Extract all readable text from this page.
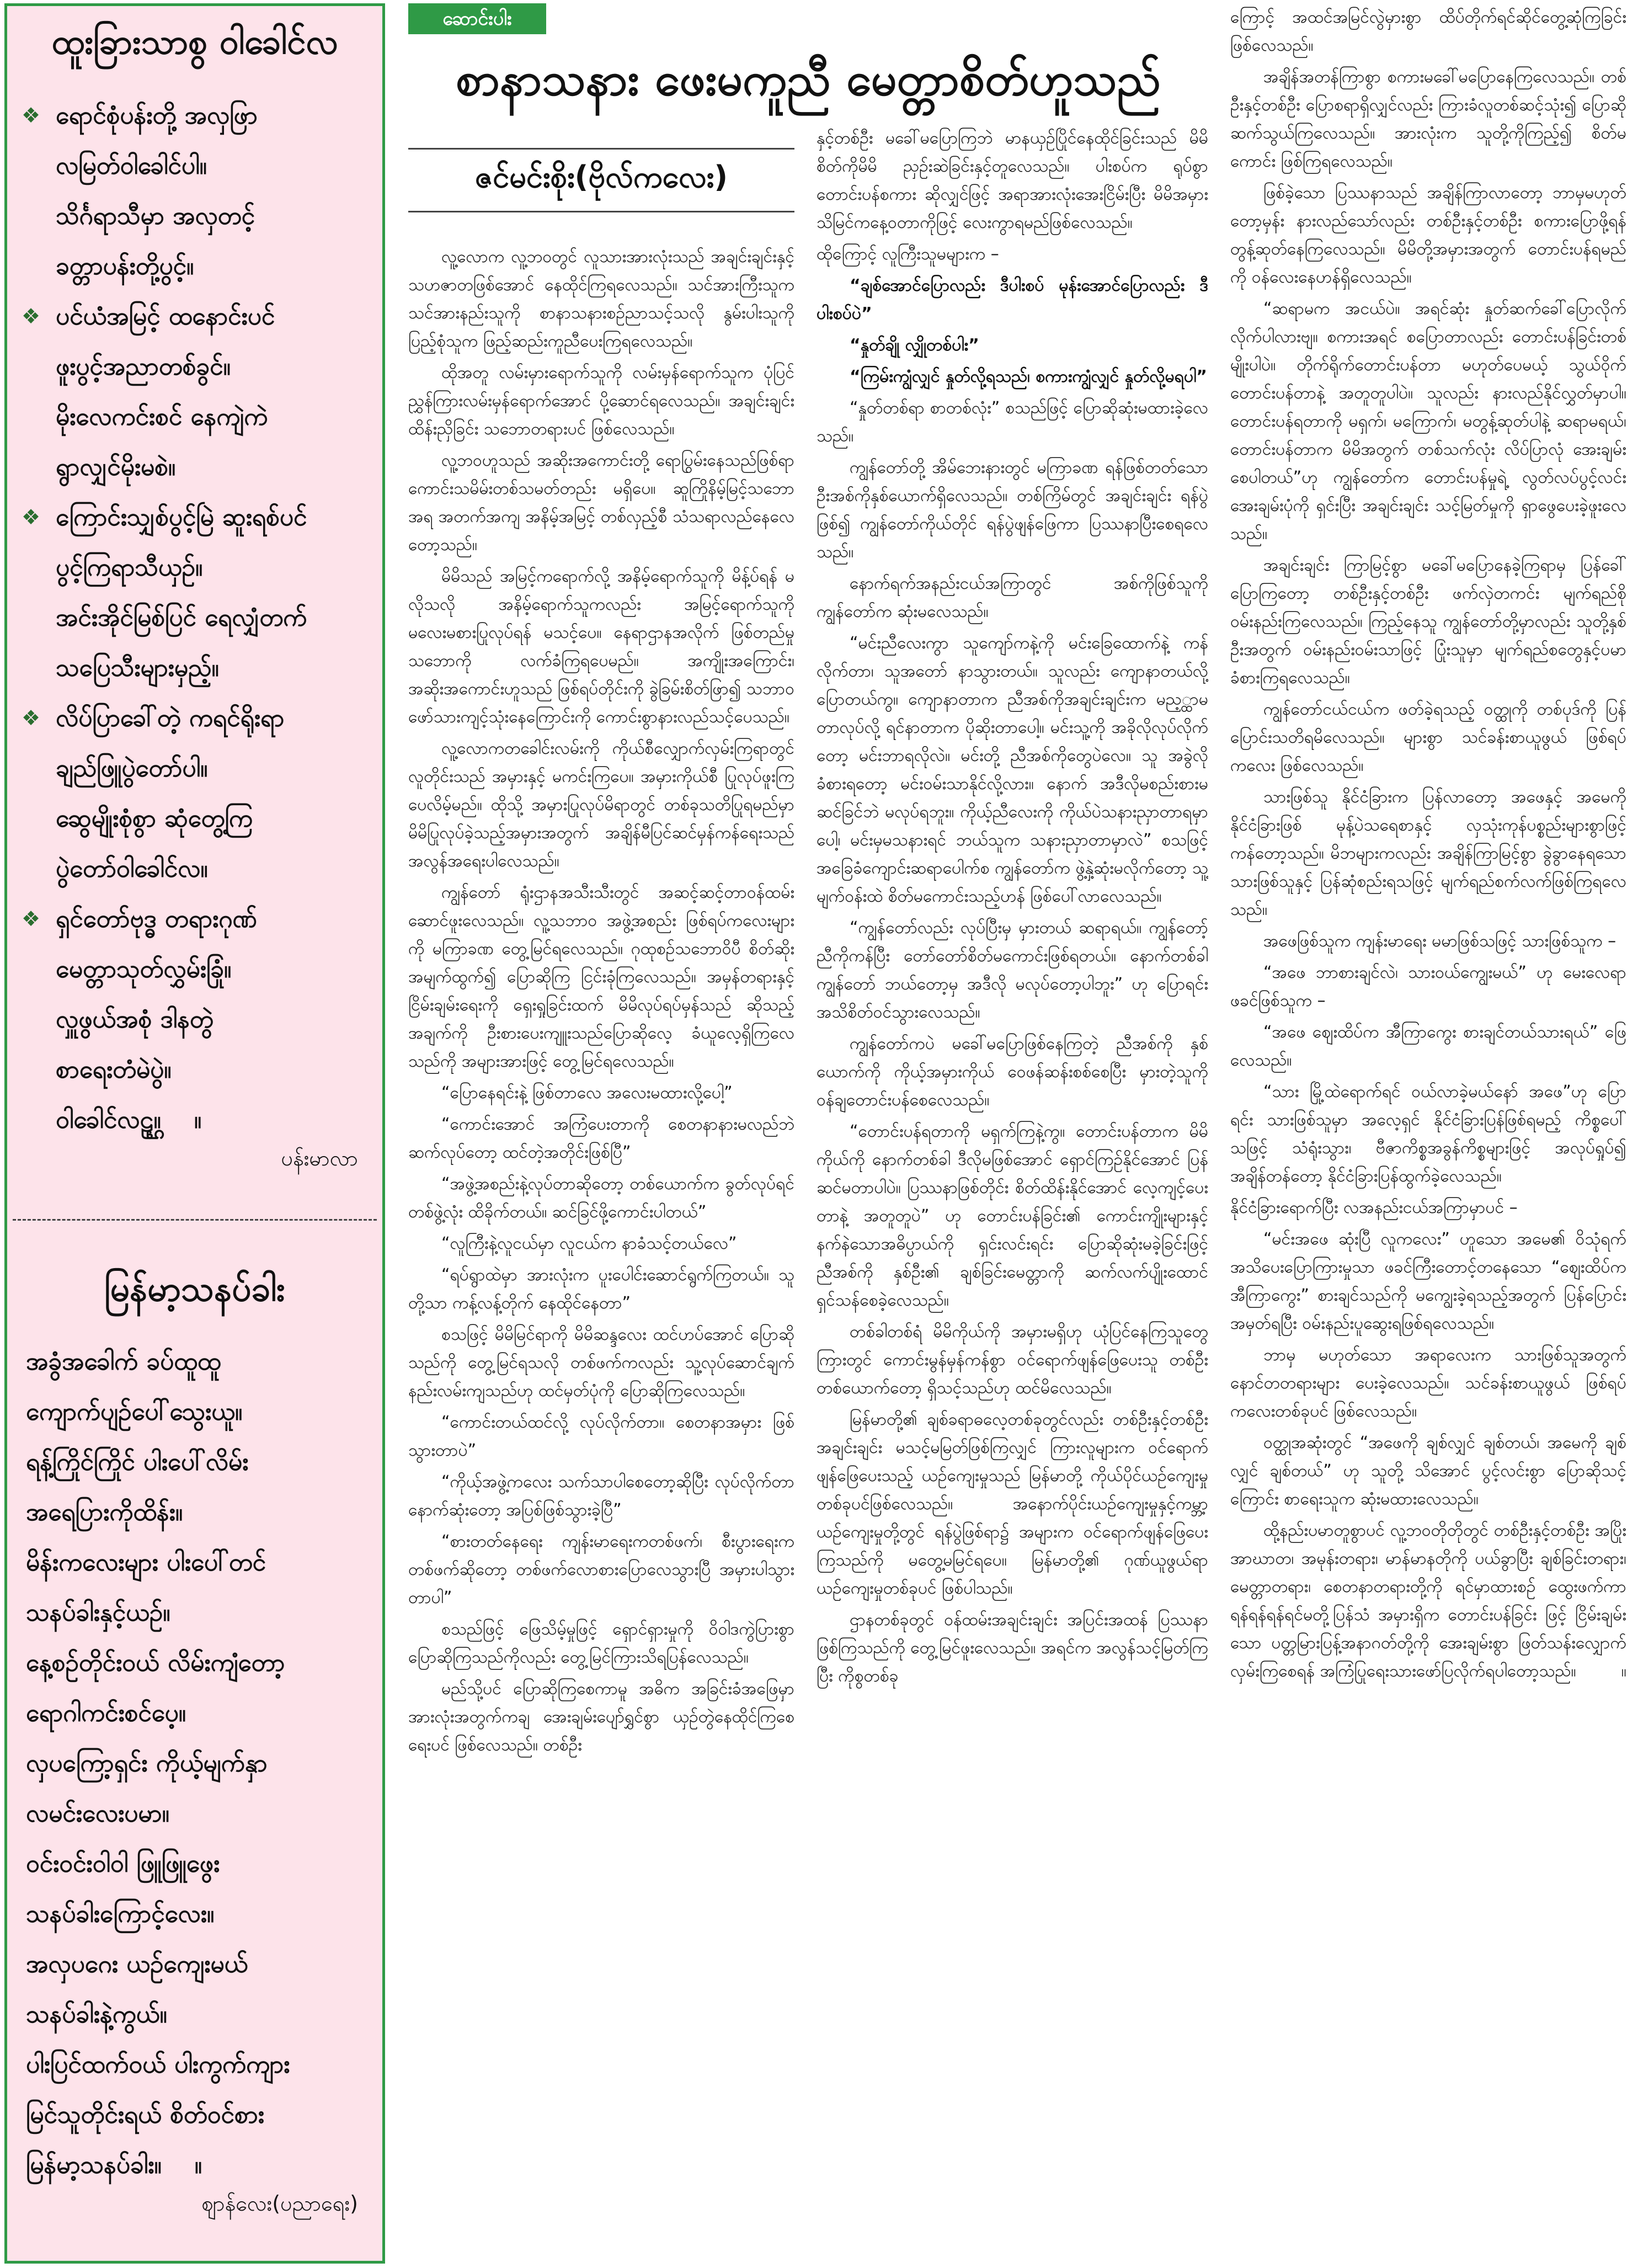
ထူးခြားသာစွ ဝါခေါင်လ
❖ ရောင်စုံပန်းတို့ အလှဖြာ
လမြတ်ဝါခေါင်ပါ။
သိင်္ဂရာသီမှာ အလှတင့်
ခတ္တာပန်းတို့ပွင့်။
❖ ပင်ယံအမြင့် ထနောင်းပင်
ဖူးပွင့်အညာတစ်ခွင်။
မိုးလေကင်းစင် နေကျဲကဲ
ရွာလျှင်မိုးမစဲ။
❖ ကြောင်းသျှစ်ပွင့်မြဲ ဆူးရစ်ပင်
ပွင့်ကြရာသီယှဉ်။
အင်းအိုင်မြစ်ပြင် ရေလျှံတက်
သပြေသီးများမှည့်။
❖ လိပ်ပြာခေါ်တဲ့ ကရင်ရိုးရာ
ချည်ဖြူပွဲတော်ပါ။
ဆွေမျိုးစုံစွာ ဆုံတွေ့ကြ
ပွဲတော်ဝါခေါင်လ။
❖ ရှင်တော်ဗုဒ္ဓ တရားဂုဏ်
မေတ္တာသုတ်လွှမ်းခြုံ။
လှူဖွယ်အစုံ ဒါနတွဲ
စာရေးတံမဲပွဲ။
ဝါခေါင်လဠ္ဌ။ ။
ပန်းမာလာ
မြန်မာ့သနပ်ခါး
အခွံအခေါက် ခပ်ထူထူ
ကျောက်ပျဉ်ပေါ်သွေးယူ။
ရန့်ကြိုင်ကြိုင် ပါးပေါ်လိမ်း
အရေပြားကိုထိန်း။
မိန်းကလေးများ ပါးပေါ်တင်
သနပ်ခါးနှင့်ယဉ်။
နေ့စဉ်တိုင်းဝယ် လိမ်းကျံတော့
ရောဂါကင်းစင်ပေ့။
လှပကြော့ရှင်း ကိုယ့်မျက်နှာ
လမင်းလေးပမာ။
ဝင်းဝင်းဝါဝါ ဖြူဖြူဖွေး
သနပ်ခါးကြောင့်လေး။
အလှပဂေး ယဉ်ကျေးမယ်
သနပ်ခါးနဲ့ကွယ်။
ပါးပြင်ထက်ဝယ် ပါးကွက်ကျား
မြင်သူတိုင်းရယ် စိတ်ဝင်စား
မြန်မာ့သနပ်ခါး။ ။
ဈာန်လေး(ပညာရေး)
ဆောင်းပါး
စာနာသနား ဖေးမကူညီ မေတ္တာစိတ်ဟူသည်
ဇင်မင်းစိုး(ဗိုလ်ကလေး)

လူ့လောက လူ့ဘဝတွင် လူသားအားလုံးသည် အချင်းချင်းနှင့် သဟဇာတဖြစ်အောင် နေထိုင်ကြရလေသည်။ သင်အားကြီးသူက သင်အားနည်းသူကို စာနာသနားစဥ်ညာသင့်သလို နွမ်းပါးသူကို ပြည့်စုံသူက ဖြည့်ဆည်းကူညီပေးကြရလေသည်။

ထိုအတူ လမ်းမှားရောက်သူကို လမ်းမှန်ရောက်သူက ပုံပြင်ညွှန်ကြားလမ်းမှန်ရောက်အောင် ပို့ဆောင်ရလေသည်။ အချင်းချင်းထိန်းညှိခြင်း သဘောတရားပင် ဖြစ်လေသည်။

လူ့ဘဝဟူသည် အဆိုးအကောင်းတို့ ရောပြွမ်းနေသည်ဖြစ်ရာ ကောင်းသမိမ်းတစ်သမတ်တည်း မရှိပေ။ ဆူကြိုနိမ့်မြင့်သဘောအရ အတက်အကျ အနိမ့်အမြင့် တစ်လှည့်စီ သံသရာလည်နေလေတော့သည်။

မိမိသည် အမြင့်ကရောက်လို့ အနိမ့်ရောက်သူကို မိန့်ပ်ရန် မလိုသလို အနိမ့်ရောက်သူကလည်း အမြင့်ရောက်သူကို မလေးမစားပြုလုပ်ရန် မသင့်ပေ။ နေရာဌာနအလိုက် ဖြစ်တည်မှုသဘောကို လက်ခံကြရပေမည်။ အကျိုးအကြောင်း၊ အဆိုးအကောင်းဟူသည် ဖြစ်ရပ်တိုင်းကို ခွဲခြမ်းစိတ်ဖြာ၍ သဘာဝဖော်သားကျင့်သုံးနေကြောင်းကို ကောင်းစွာနားလည်သင့်ပေသည်။

လူ့လောကတခေါင်းလမ်းကို ကိုယ်စီလျှောက်လှမ်းကြရာတွင် လူတိုင်းသည် အမှားနှင့် မကင်းကြပေ။ အမှားကိုယ်စီ ပြုလုပ်ဖူးကြပေလိမ့်မည်။ ထိုသို့ အမှားပြုလုပ်မိရာတွင် တစ်ခုသတိပြုရမည်မှာ မိမိပြုလုပ်ခဲ့သည့်အမှားအတွက် အချိန်မီပြင်ဆင်မှန်ကန်ရေးသည် အလွန်အရေးပါလေသည်။

ကျွန်တော် ရုံးဌာနအသီးသီးတွင် အဆင့်ဆင့်တာဝန်ထမ်းဆောင်ဖူးလေသည်။ လူ့သဘာဝ အဖွဲ့အစည်း ဖြစ်ရပ်ကလေးများကို မကြာခဏ တွေ့မြင်ရလေသည်။ ဂုထုစဉ်သဘောဝိပီ စိတ်ဆိုးအမျက်ထွက်၍ ပြောဆိုကြ ငြင်းခုံကြလေသည်။ အမှန်တရားနှင့် ငြိမ်းချမ်းရေးကို ရှေးရှုခြင်းထက် မိမိလုပ်ရပ်မှန်သည် ဆိုသည့် အချက်ကို ဦးစားပေးကျူးသည်ပြောဆိုလေ့ ခံယူလေ့ရှိကြလေသည်ကို အများအားဖြင့် တွေ့မြင်ရလေသည်။

“ပြောနေရင်းနဲ့ ဖြစ်တာလေ အလေးမထားလို့ပေါ့”

“ကောင်းအောင် အကြံပေးတာကို စေတနာနားမလည်ဘဲ ဆက်လုပ်တော့ ထင်တဲ့အတိုင်းဖြစ်ပြီ”

“အဖွဲ့အစည်းနဲ့လုပ်တာဆိုတော့ တစ်ယောက်က ခွတ်လုပ်ရင် တစ်ဖွဲ့လုံး ထိခိုက်တယ်။ ဆင်ခြင်ဖို့ကောင်းပါတယ်”

“လူကြီးနဲ့လူငယ်မှာ လူငယ်က နာခံသင့်တယ်လေ”

“ရပ်ရွာထဲမှာ အားလုံးက ပူးပေါင်းဆောင်ရွက်ကြတယ်။ သူတို့သာ ကန့်လန့်တိုက် နေထိုင်နေတာ”

စသဖြင့် မိမိမြင်ရာကို မိမိဆန္ဒလေး ထင်ဟပ်အောင် ပြောဆိုသည်ကို တွေ့မြင်ရသလို တစ်ဖက်ကလည်း သူ့လုပ်ဆောင်ချက် နည်းလမ်းကျသည်ဟု ထင်မှတ်ပုံကို ပြောဆိုကြလေသည်။

“ကောင်းတယ်ထင်လို့ လုပ်လိုက်တာ။ စေတနာအမှား ဖြစ်သွားတာပဲ”

“ကိုယ့်အဖွဲ့ကလေး သက်သာပါစေတော့ဆိုပြီး လုပ်လိုက်တာ နောက်ဆုံးတော့ အပြစ်ဖြစ်သွားခဲ့ပြီ”

“စားတတ်နေရေး ကျန်းမာရေးကတစ်ဖက်၊ စီးပွားရေးက တစ်ဖက်ဆိုတော့ တစ်ဖက်လောစားပြောလေသွားပြီ အမှားပါသွားတာပါ”

စသည်ဖြင့် ဖြေသိမ့်မှုဖြင့် ရှောင်ရှားမှုကို ဝိဝါဒကွဲပြားစွာ ပြောဆိုကြသည်ကိုလည်း တွေ့မြင်ကြားသိရပြန်လေသည်။

မည်သို့ပင် ပြောဆိုကြစေကာမူ အဓိက အခြင်းခံအဖြေမှာ အားလုံးအတွက်ကချ အေးချမ်းပျော်ရွှင်စွာ ယှဉ်တွဲနေထိုင်ကြစေရေးပင် ဖြစ်လေသည်။ တစ်ဦး

နှင့်တစ်ဦး မခေါ်မပြောကြဘဲ မာနယှဉ်ပြိုင်နေထိုင်ခြင်းသည် မိမိစိတ်ကိုမိမိ ညှဉ်းဆဲခြင်းနှင့်တူလေသည်။ ပါးစပ်က ရုပ်စွာ တောင်းပန်စကား ဆိုလျှင်ဖြင့် အရာအားလုံးအေးငြိမ်းပြီး မိမိအမှား သိမြင်ကနေ့ဝတာကိုဖြင့် လေးကွာရမည်ဖြစ်လေသည်။

ထိုကြောင့် လူကြီးသူမများက –

“ချစ်အောင်ပြောလည်း ဒီပါးစပ် မုန်းအောင်ပြောလည်း ဒီပါးစပ်ပဲ”

“နှုတ်ချို လျှိုတစ်ပါး”

“ကြမ်းကျွံလျှင် နှုတ်လို့ရသည်၊ စကားကျွံလျှင် နှုတ်လို့မရပါ”

“နှုတ်တစ်ရာ စာတစ်လုံး” စသည်ဖြင့် ပြောဆိုဆုံးမထားခဲ့လေသည်။

ကျွန်တော်တို့ အိမ်ဘေးနားတွင် မကြာခဏ ရန်ဖြစ်တတ်သော ဦးအစ်ကိုနှစ်ယောက်ရှိလေသည်။ တစ်ကြိမ်တွင် အချင်းချင်း ရန်ပွဲဖြစ်၍ ကျွန်တော်ကိုယ်တိုင် ရန်ပွဲဖျန်ဖြေကာ ပြဿနာပြီးစေရလေသည်။

နောက်ရက်အနည်းငယ်အကြာတွင် အစ်ကိုဖြစ်သူကို ကျွန်တော်က ဆုံးမလေသည်။

“မင်းညီလေးကွာ သူကျော်ကနဲ့ကို မင်းခြေထောက်နဲ့ ကန်လိုက်တာ၊ သူအတော် နာသွားတယ်။ သူလည်း ကျောနာတယ်လို့ ပြောတယ်ကွ။ ကျောနာတာက ညီအစ်ကိုအချင်းချင်းက မည့္ထာမတာလုပ်လို့ ရင်နာတာက ပိုဆိုးတာပေါ့။ မင်းသူ့ကို အခိုလိုလုပ်လိုက်တော့ မင်းဘာရလိုလဲ။ မင်းတို့ ညီအစ်ကိုတွေပဲလေ။ သူ အခွဲလိုခံစားရတော့ မင်းဝမ်းသာနိုင်လို့လား။ နောက် အဒီလိုမစည်းစားမဆင်ခြင်ဘဲ မလုပ်ရဘူး။ ကိုယ့်ညီလေးကို ကိုယ်ပဲသနားညှာတာရမှာပေါ့၊ မင်းမှမသနားရင် ဘယ်သူက သနားညှာတာမှာလဲ” စသဖြင့် အခြေခံကျောင်းဆရာပေါက်စ ကျွန်တော်က ဖွဲ့နှဲ့ဆုံးမလိုက်တော့ သူ့မျက်ဝန်းထဲ စိတ်မကောင်းသည့်ဟန် ဖြစ်ပေါ်လာလေသည်။

“ကျွန်တော်လည်း လုပ်ပြီးမှ မှားတယ် ဆရာရယ်။ ကျွန်တော့်ညီကိုကန်ပြီး တော်တော်စိတ်မကောင်းဖြစ်ရတယ်။ နောက်တစ်ခါ ကျွန်တော် ဘယ်တော့မှ အဒီလို မလုပ်တော့ပါဘူး” ဟု ပြောရင်း အသိစိတ်ဝင်သွားလေသည်။

ကျွန်တော်ကပဲ မခေါ်မပြောဖြစ်နေကြတဲ့ ညီအစ်ကို နှစ်ယောက်ကို ကိုယ့်အမှားကိုယ် ဝေဖန်ဆန်းစစ်စေပြီး မှားတဲ့သူကို ဝန်ချတောင်းပန်စေလေသည်။

“တောင်းပန်ရတာကို မရှက်ကြနဲ့ကွ။ တောင်းပန်တာက မိမိကိုယ်ကို နောက်တစ်ခါ ဒီလိုမဖြစ်အောင် ရှောင်ကြဉ်နိုင်အောင် ပြန်ဆင်မတာပါပဲ။ ပြဿနာဖြစ်တိုင်း စိတ်ထိန်းနိုင်အောင် လေ့ကျင့်ပေးတာနဲ့ အတူတူပဲ” ဟု တောင်းပန်ခြင်း၏ ကောင်းကျိုးများနှင့် နက်နဲသောအဓိပ္ပာယ်ကို ရှင်းလင်းရင်း ပြောဆိုဆုံးမခဲ့ခြင်းဖြင့် ညီအစ်ကို နှစ်ဦး၏ ချစ်ခြင်းမေတ္တာကို ဆက်လက်ပျိုးထောင် ရှင်သန်စေခဲ့လေသည်။

တစ်ခါတစ်ရံ မိမိကိုယ်ကို အမှားမရှိဟု ယုံပြင်နေကြသူတွေကြားတွင် ကောင်းမွန်မှန်ကန်စွာ ဝင်ရောက်ဖျန်ဖြေပေးသူ တစ်ဦးတစ်ယောက်တော့ ရှိသင့်သည်ဟု ထင်မိလေသည်။

မြန်မာတို့၏ ချစ်ခရာဓလေ့တစ်ခုတွင်လည်း တစ်ဦးနှင့်တစ်ဦး အချင်းချင်း မသင့်မမြတ်ဖြစ်ကြလျှင် ကြားလူများက ဝင်ရောက်ဖျန်ဖြေပေးသည့် ယဉ်ကျေးမှုသည် မြန်မာတို့ ကိုယ်ပိုင်ယဉ်ကျေးမှု တစ်ခုပင်ဖြစ်လေသည်။ အနောက်ပိုင်းယဉ်ကျေးမှုနှင့်ကမ္ဘာ့ယဉ်ကျေးမှုတို့တွင် ရန်ပွဲဖြစ်ရာ၌ အများက ဝင်ရောက်ဖျန်ဖြေပေးကြသည်ကို မတွေ့မမြင်ရပေ။ မြန်မာတို့၏ ဂုဏ်ယူဖွယ်ရာ ယဉ်ကျေးမှုတစ်ခုပင် ဖြစ်ပါသည်။

ဌာနတစ်ခုတွင် ဝန်ထမ်းအချင်းချင်း အပြင်းအထန် ပြဿနာဖြစ်ကြသည်ကို တွေ့မြင်ဖူးလေသည်။ အရင်က အလွန်သင့်မြတ်ကြပြီး ကိုစွတစ်ခု

ကြောင့် အထင်အမြင်လွဲမှားစွာ ထိပ်တိုက်ရင်ဆိုင်တွေ့ဆုံကြခြင်း ဖြစ်လေသည်။

အချိန်အတန်ကြာစွာ စကားမခေါ်မပြောနေကြလေသည်။ တစ်ဦးနှင့်တစ်ဦး ပြောစရာရှိလျှင်လည်း ကြားခံလူတစ်ဆင့်သုံး၍ ပြောဆိုဆက်သွယ်ကြလေသည်။ အားလုံးက သူတို့ကိုကြည့်၍ စိတ်မကောင်း ဖြစ်ကြရလေသည်။

ဖြစ်ခဲ့သော ပြဿနာသည် အချိန်ကြာလာတော့ ဘာမှမဟုတ်တော့မှန်း နားလည်သော်လည်း တစ်ဦးနှင့်တစ်ဦး စကားပြောဖို့ရန် တွန့်ဆုတ်နေကြလေသည်။ မိမိတို့အမှားအတွက် တောင်းပန်ရမည်ကို ဝန်လေးနေဟန်ရှိလေသည်။

“ဆရာမက အငယ်ပဲ။ အရင်ဆုံး နှုတ်ဆက်ခေါ်ပြောလိုက်လိုက်ပါလားဗျ။ စကားအရင် စပြောတာလည်း တောင်းပန်ခြင်းတစ်မျိုးပါပဲ။ တိုက်ရိုက်တောင်းပန်တာ မဟုတ်ပေမယ့် သွယ်ဝိုက်တောင်းပန်တာနဲ့ အတူတူပါပဲ။ သူလည်း နားလည်နိုင်လွှတ်မှာပါ။ တောင်းပန်ရတာကို မရှက်၊ မကြောက်၊ မတွန့်ဆုတ်ပါနဲ့ ဆရာမရယ်၊ တောင်းပန်တာက မိမိအတွက် တစ်သက်လုံး လိပ်ပြာလုံ အေးချမ်းစေပါတယ်”ဟု ကျွန်တော်က တောင်းပန်မှုရဲ့ လွတ်လပ်ပွင့်လင်း အေးချမ်းပုံကို ရှင်းပြီး အချင်းချင်း သင့်မြတ်မှုကို ရှာဖွေပေးခဲ့ဖူးလေသည်။

အချင်းချင်း ကြာမြင့်စွာ မခေါ်မပြောနေခဲ့ကြရာမှ ပြန်ခေါ်ပြောကြတော့ တစ်ဦးနှင့်တစ်ဦး ဖက်လှဲတကင်း မျက်ရည်စို ဝမ်းနည်းကြလေသည်။ ကြည့်နေသူ ကျွန်တော်တို့မှာလည်း သူတို့နှစ်ဦးအတွက် ဝမ်းနည်းဝမ်းသာဖြင့် ပြုံးသူမှာ မျက်ရည်စတွေနှင့်ပမာ ခံစားကြရလေသည်။

ကျွန်တော်ငယ်ငယ်က ဖတ်ခဲ့ရသည့် ဝတ္ထုကို တစ်ပုဒ်ကို ပြန်ပြောင်းသတိရမိလေသည်။ များစွာ သင်ခန်းစာယူဖွယ် ဖြစ်ရပ်ကလေး ဖြစ်လေသည်။

သားဖြစ်သူ နိုင်ငံခြားက ပြန်လာတော့ အဖေနှင့် အမေကို နိုင်ငံခြားဖြစ် မုန့်ပဲသရေစာနှင့် လှသုံးကုန်ပစ္စည်းများစွာဖြင့် ကန်တော့သည်။ မိဘများကလည်း အချိန်ကြာမြင့်စွာ ခွဲခွာနေရသော သားဖြစ်သူနှင့် ပြန်ဆုံစည်းရသဖြင့် မျက်ရည်စက်လက်ဖြစ်ကြရလေသည်။

အဖေဖြစ်သူက ကျန်းမာရေး မမာဖြစ်သဖြင့် သားဖြစ်သူက –

“အဖေ ဘာစားချင်လဲ၊ သားဝယ်ကျွေးမယ်” ဟု မေးလေရာ ဖခင်ဖြစ်သူက –

“အဖေ ဈေးထိပ်က အီကြာကွေး စားချင်တယ်သားရယ်” ဖြေလေသည်။

“သား မြို့ထဲရောက်ရင် ဝယ်လာခဲ့မယ်နော် အဖေ”ဟု ပြောရင်း သားဖြစ်သူမှာ အလေ့ရှင် နိုင်ငံခြားပြန်ဖြစ်ရမည့် ကိစ္စပေါ်သဖြင့် သံရုံးသွား၊ ဗီဇာကိစ္စအခွန်ကိစ္စများဖြင့် အလုပ်ရှုပ်၍ အချိန်တန်တော့ နိုင်ငံခြားပြန်ထွက်ခဲ့လေသည်။

နိုင်ငံခြားရောက်ပြီး လအနည်းငယ်အကြာမှာပင် –

“မင်းအဖေ ဆုံးပြီ လူကလေး” ဟူသော အမေ၏ ဝိသုံရက် အသိပေးပြောကြားမှုသာ ဖခင်ကြီးတောင့်တနေသော “ဈေးထိပ်က အီကြာကွေး” စားချင်သည်ကို မကျွေးခဲ့ရသည့်အတွက် ပြန်ပြောင်းအမှတ်ရပြီး ဝမ်းနည်းပူဆွေးရဖြစ်ရလေသည်။

ဘာမှ မဟုတ်သော အရာလေးက သားဖြစ်သူအတွက် နောင်တတရားများ ပေးခဲ့လေသည်။ သင်ခန်းစာယူဖွယ် ဖြစ်ရပ်ကလေးတစ်ခုပင် ဖြစ်လေသည်။

ဝတ္ထုအဆုံးတွင် “အဖေကို ချစ်လျှင် ချစ်တယ်၊ အမေကို ချစ်လျှင် ချစ်တယ်” ဟု သူတို့ သိအောင် ပွင့်လင်းစွာ ပြောဆိုသင့်ကြောင်း စာရေးသူက ဆုံးမထားလေသည်။

ထို့နည်းပမာတူစွာပင် လူ့ဘဝတိုတိုတွင် တစ်ဦးနှင့်တစ်ဦး အပြိုးအာဃာတ၊ အမုန်းတရား၊ မာန်မာနတိုကို ပယ်ခွာပြီး ချစ်ခြင်းတရား၊ မေတ္တာတရား၊ စေတနာတရားတို့ကို ရင်မှာထားစဉ် ထွေးဖက်ကာ ရန်ရန်ရန်ရင်မတို့ပြန်သံ အမှားရှိက တောင်းပန်ခြင်း ဖြင့် ငြိမ်းချမ်းသော ပတ္တမြားပြန့်အနာဂတ်တို့ကို အေးချမ်းစွာ ဖြတ်သန်းလျှောက်လှမ်းကြစေရန် အကြံပြုရေးသားဖော်ပြလိုက်ရပါတော့သည်။	။
